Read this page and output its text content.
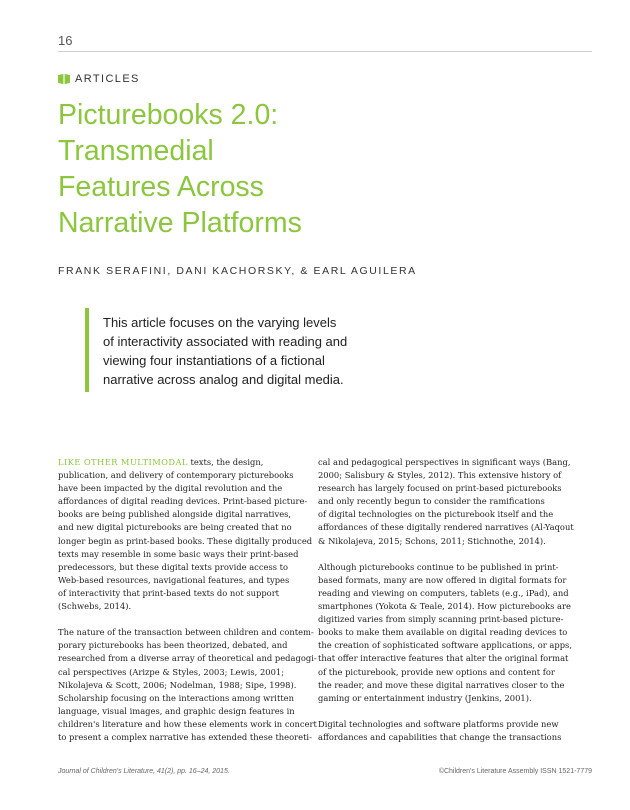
16
ARTICLES
Picturebooks 2.0:
Transmedial
Features Across
Narrative Platforms
FRANK SERAFINI, DANI KACHORSKY, & EARL AGUILERA
This article focuses on the varying levels
of interactivity associated with reading and
viewing four instantiations of a fictional
narrative across analog and digital media.
LIKE OTHER MULTIMODAL texts, the design,
publication, and delivery of contemporary picturebooks
have been impacted by the digital revolution and the
affordances of digital reading devices. Print-based picture-
books are being published alongside digital narratives,
and new digital picturebooks are being created that no
longer begin as print-based books. These digitally produced
texts may resemble in some basic ways their print-based
predecessors, but these digital texts provide access to
Web-based resources, navigational features, and types
of interactivity that print-based texts do not support
(Schwebs, 2014).
The nature of the transaction between children and contem-
porary picturebooks has been theorized, debated, and
researched from a diverse array of theoretical and pedagogi-
cal perspectives (Arizpe & Styles, 2003; Lewis, 2001;
Nikolajeva & Scott, 2006; Nodelman, 1988; Sipe, 1998).
Scholarship focusing on the interactions among written
language, visual images, and graphic design features in
children's literature and how these elements work in concert
to present a complex narrative has extended these theoreti-
cal and pedagogical perspectives in significant ways (Bang,
2000; Salisbury & Styles, 2012). This extensive history of
research has largely focused on print-based picturebooks
and only recently begun to consider the ramifications
of digital technologies on the picturebook itself and the
affordances of these digitally rendered narratives (Al-Yaqout
& Nikolajeva, 2015; Schons, 2011; Stichnothe, 2014).
Although picturebooks continue to be published in print-
based formats, many are now offered in digital formats for
reading and viewing on computers, tablets (e.g., iPad), and
smartphones (Yokota & Teale, 2014). How picturebooks are
digitized varies from simply scanning print-based picture-
books to make them available on digital reading devices to
the creation of sophisticated software applications, or apps,
that offer interactive features that alter the original format
of the picturebook, provide new options and content for
the reader, and move these digital narratives closer to the
gaming or entertainment industry (Jenkins, 2001).
Digital technologies and software platforms provide new
affordances and capabilities that change the transactions
Journal of Children's Literature, 41(2), pp. 16–24, 2015.	©Children's Literature Assembly ISSN 1521-7779
